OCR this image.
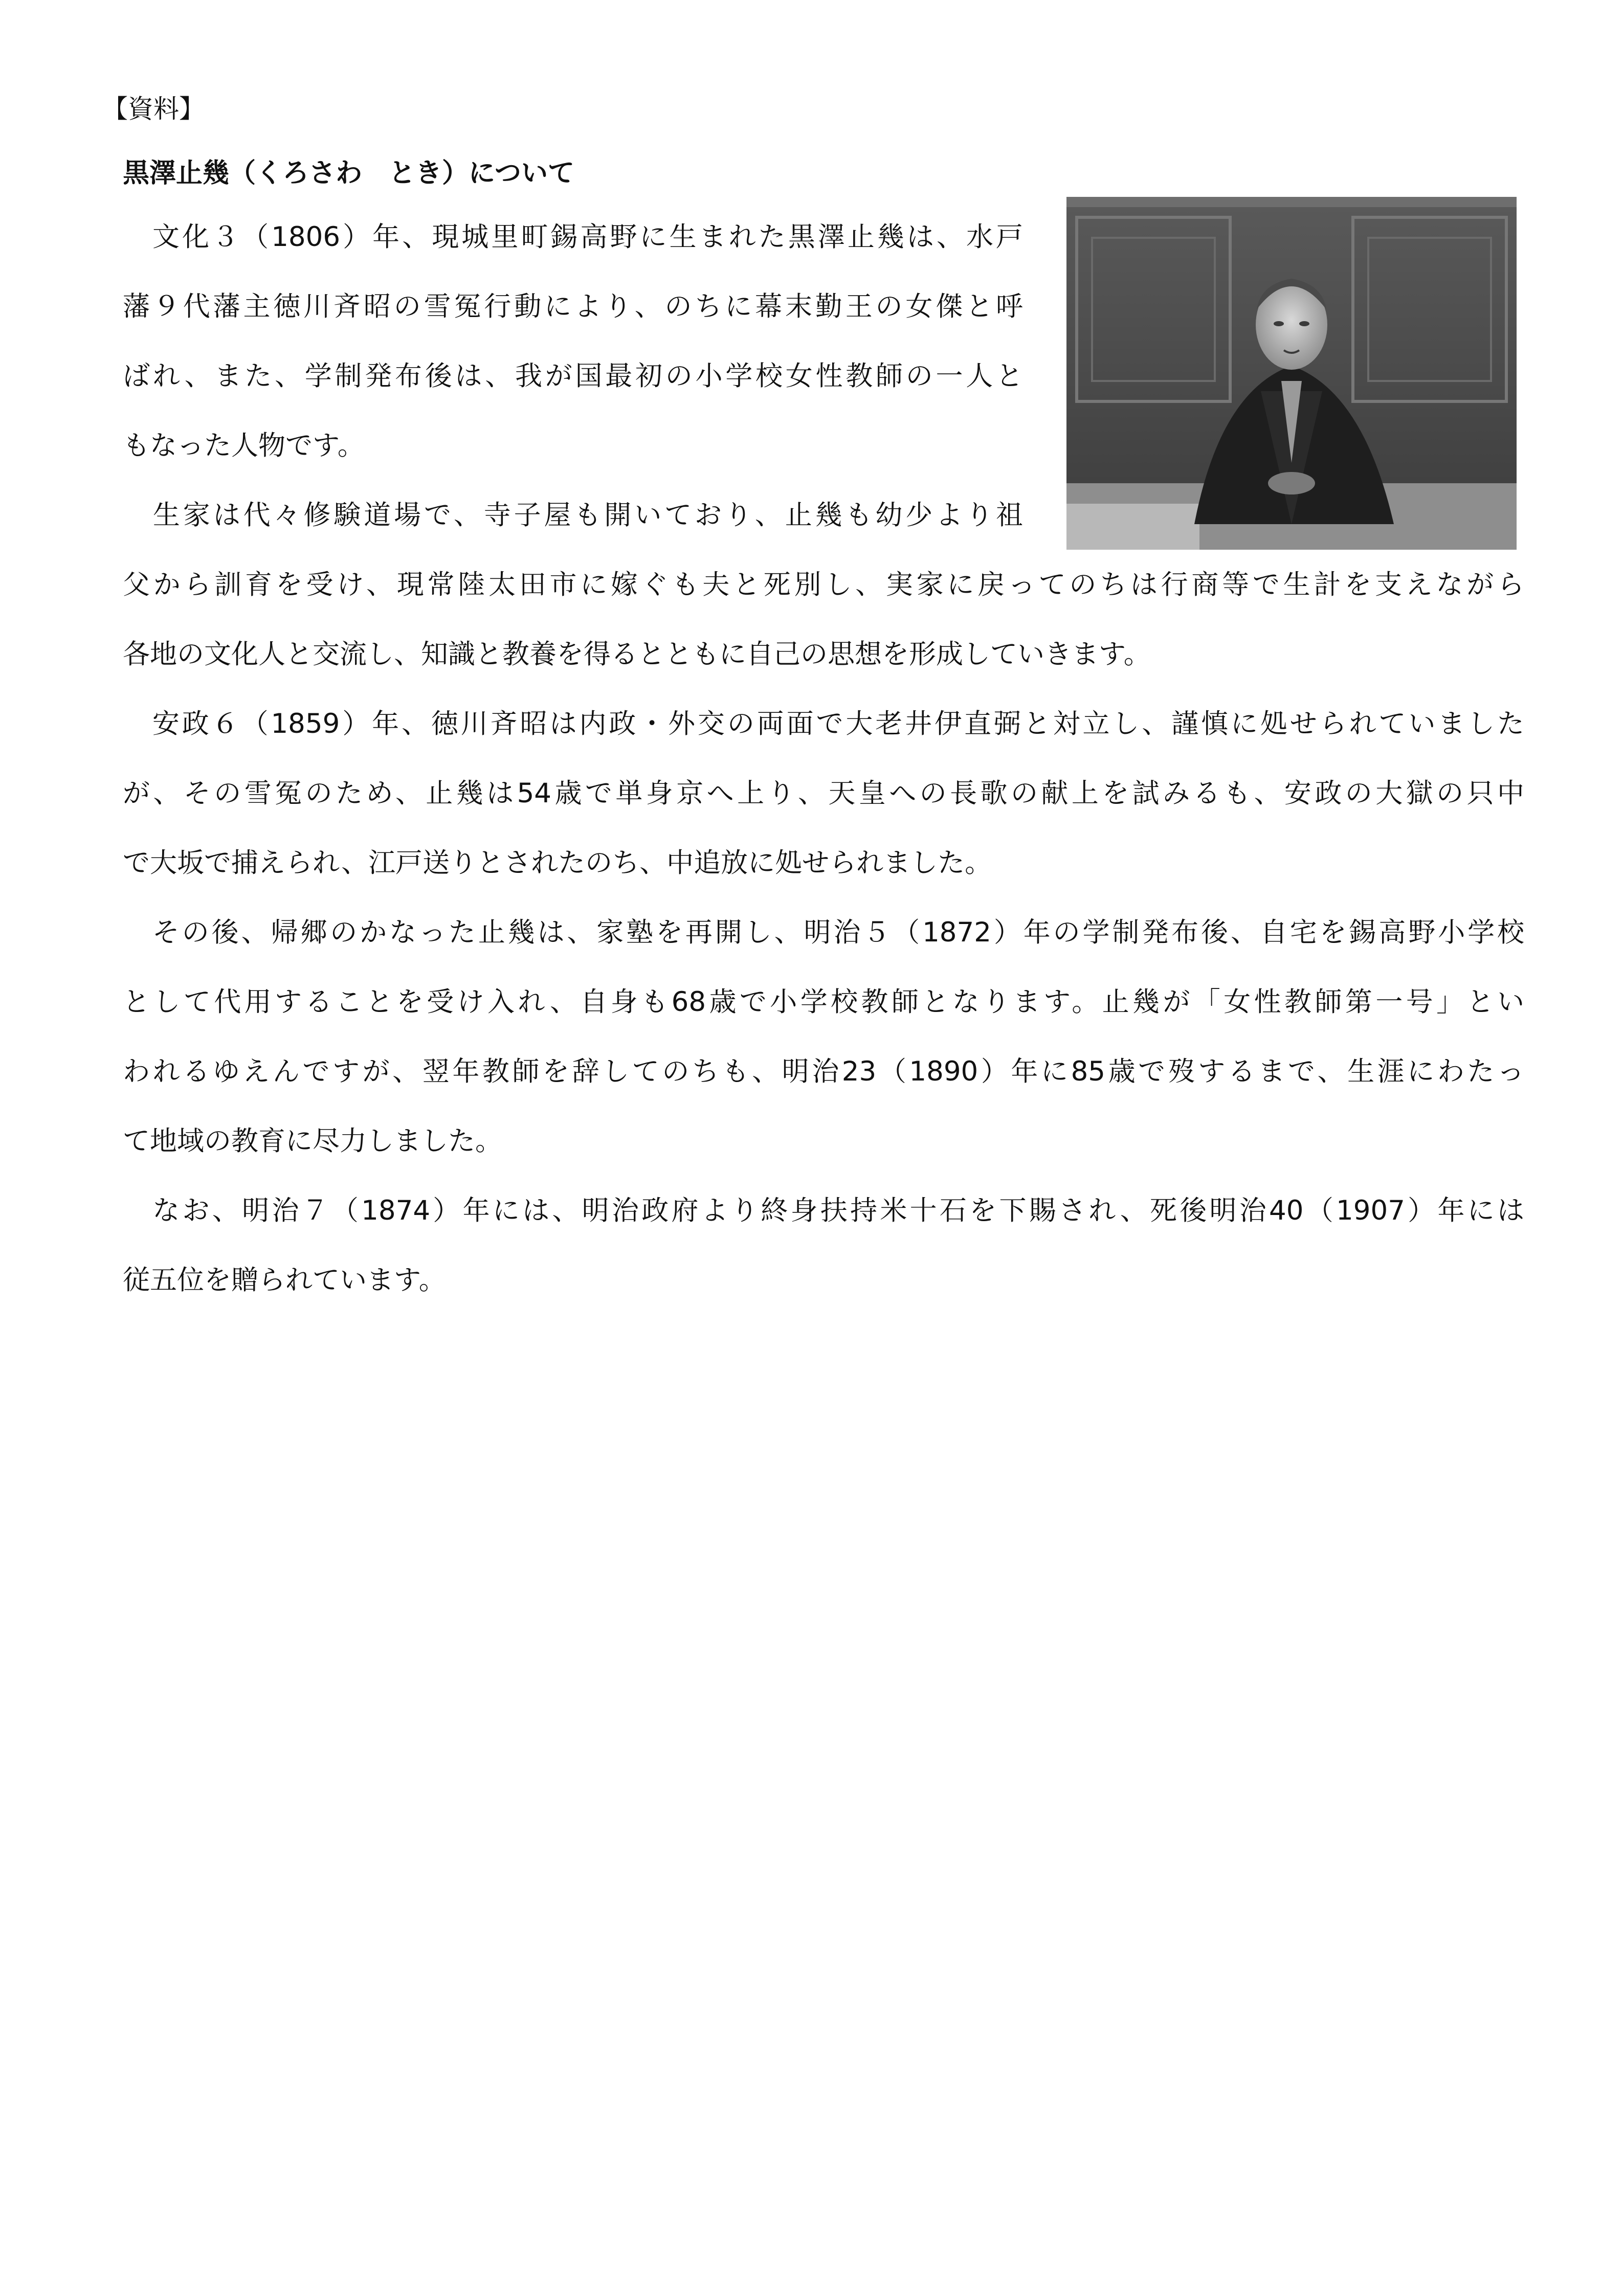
【資料】
黒澤止幾（くろさわ　とき）について
　文化３（1806）年、現城里町錫高野に生まれた黒澤止幾は、水戸
藩９代藩主徳川斉昭の雪冤行動により、のちに幕末勤王の女傑と呼
ばれ、また、学制発布後は、我が国最初の小学校女性教師の一人と
もなった人物です。
　生家は代々修験道場で、寺子屋も開いており、止幾も幼少より祖
父から訓育を受け、現常陸太田市に嫁ぐも夫と死別し、実家に戻ってのちは行商等で生計を支えながら
各地の文化人と交流し、知識と教養を得るとともに自己の思想を形成していきます。
　安政６（1859）年、徳川斉昭は内政・外交の両面で大老井伊直弼と対立し、謹慎に処せられていました
が、その雪冤のため、止幾は54歳で単身京へ上り、天皇への長歌の献上を試みるも、安政の大獄の只中
で大坂で捕えられ、江戸送りとされたのち、中追放に処せられました。
　その後、帰郷のかなった止幾は、家塾を再開し、明治５（1872）年の学制発布後、自宅を錫高野小学校
として代用することを受け入れ、自身も68歳で小学校教師となります。止幾が「女性教師第一号」とい
われるゆえんですが、翌年教師を辞してのちも、明治23（1890）年に85歳で歿するまで、生涯にわたっ
て地域の教育に尽力しました。
　なお、明治７（1874）年には、明治政府より終身扶持米十石を下賜され、死後明治40（1907）年には
従五位を贈られています。
